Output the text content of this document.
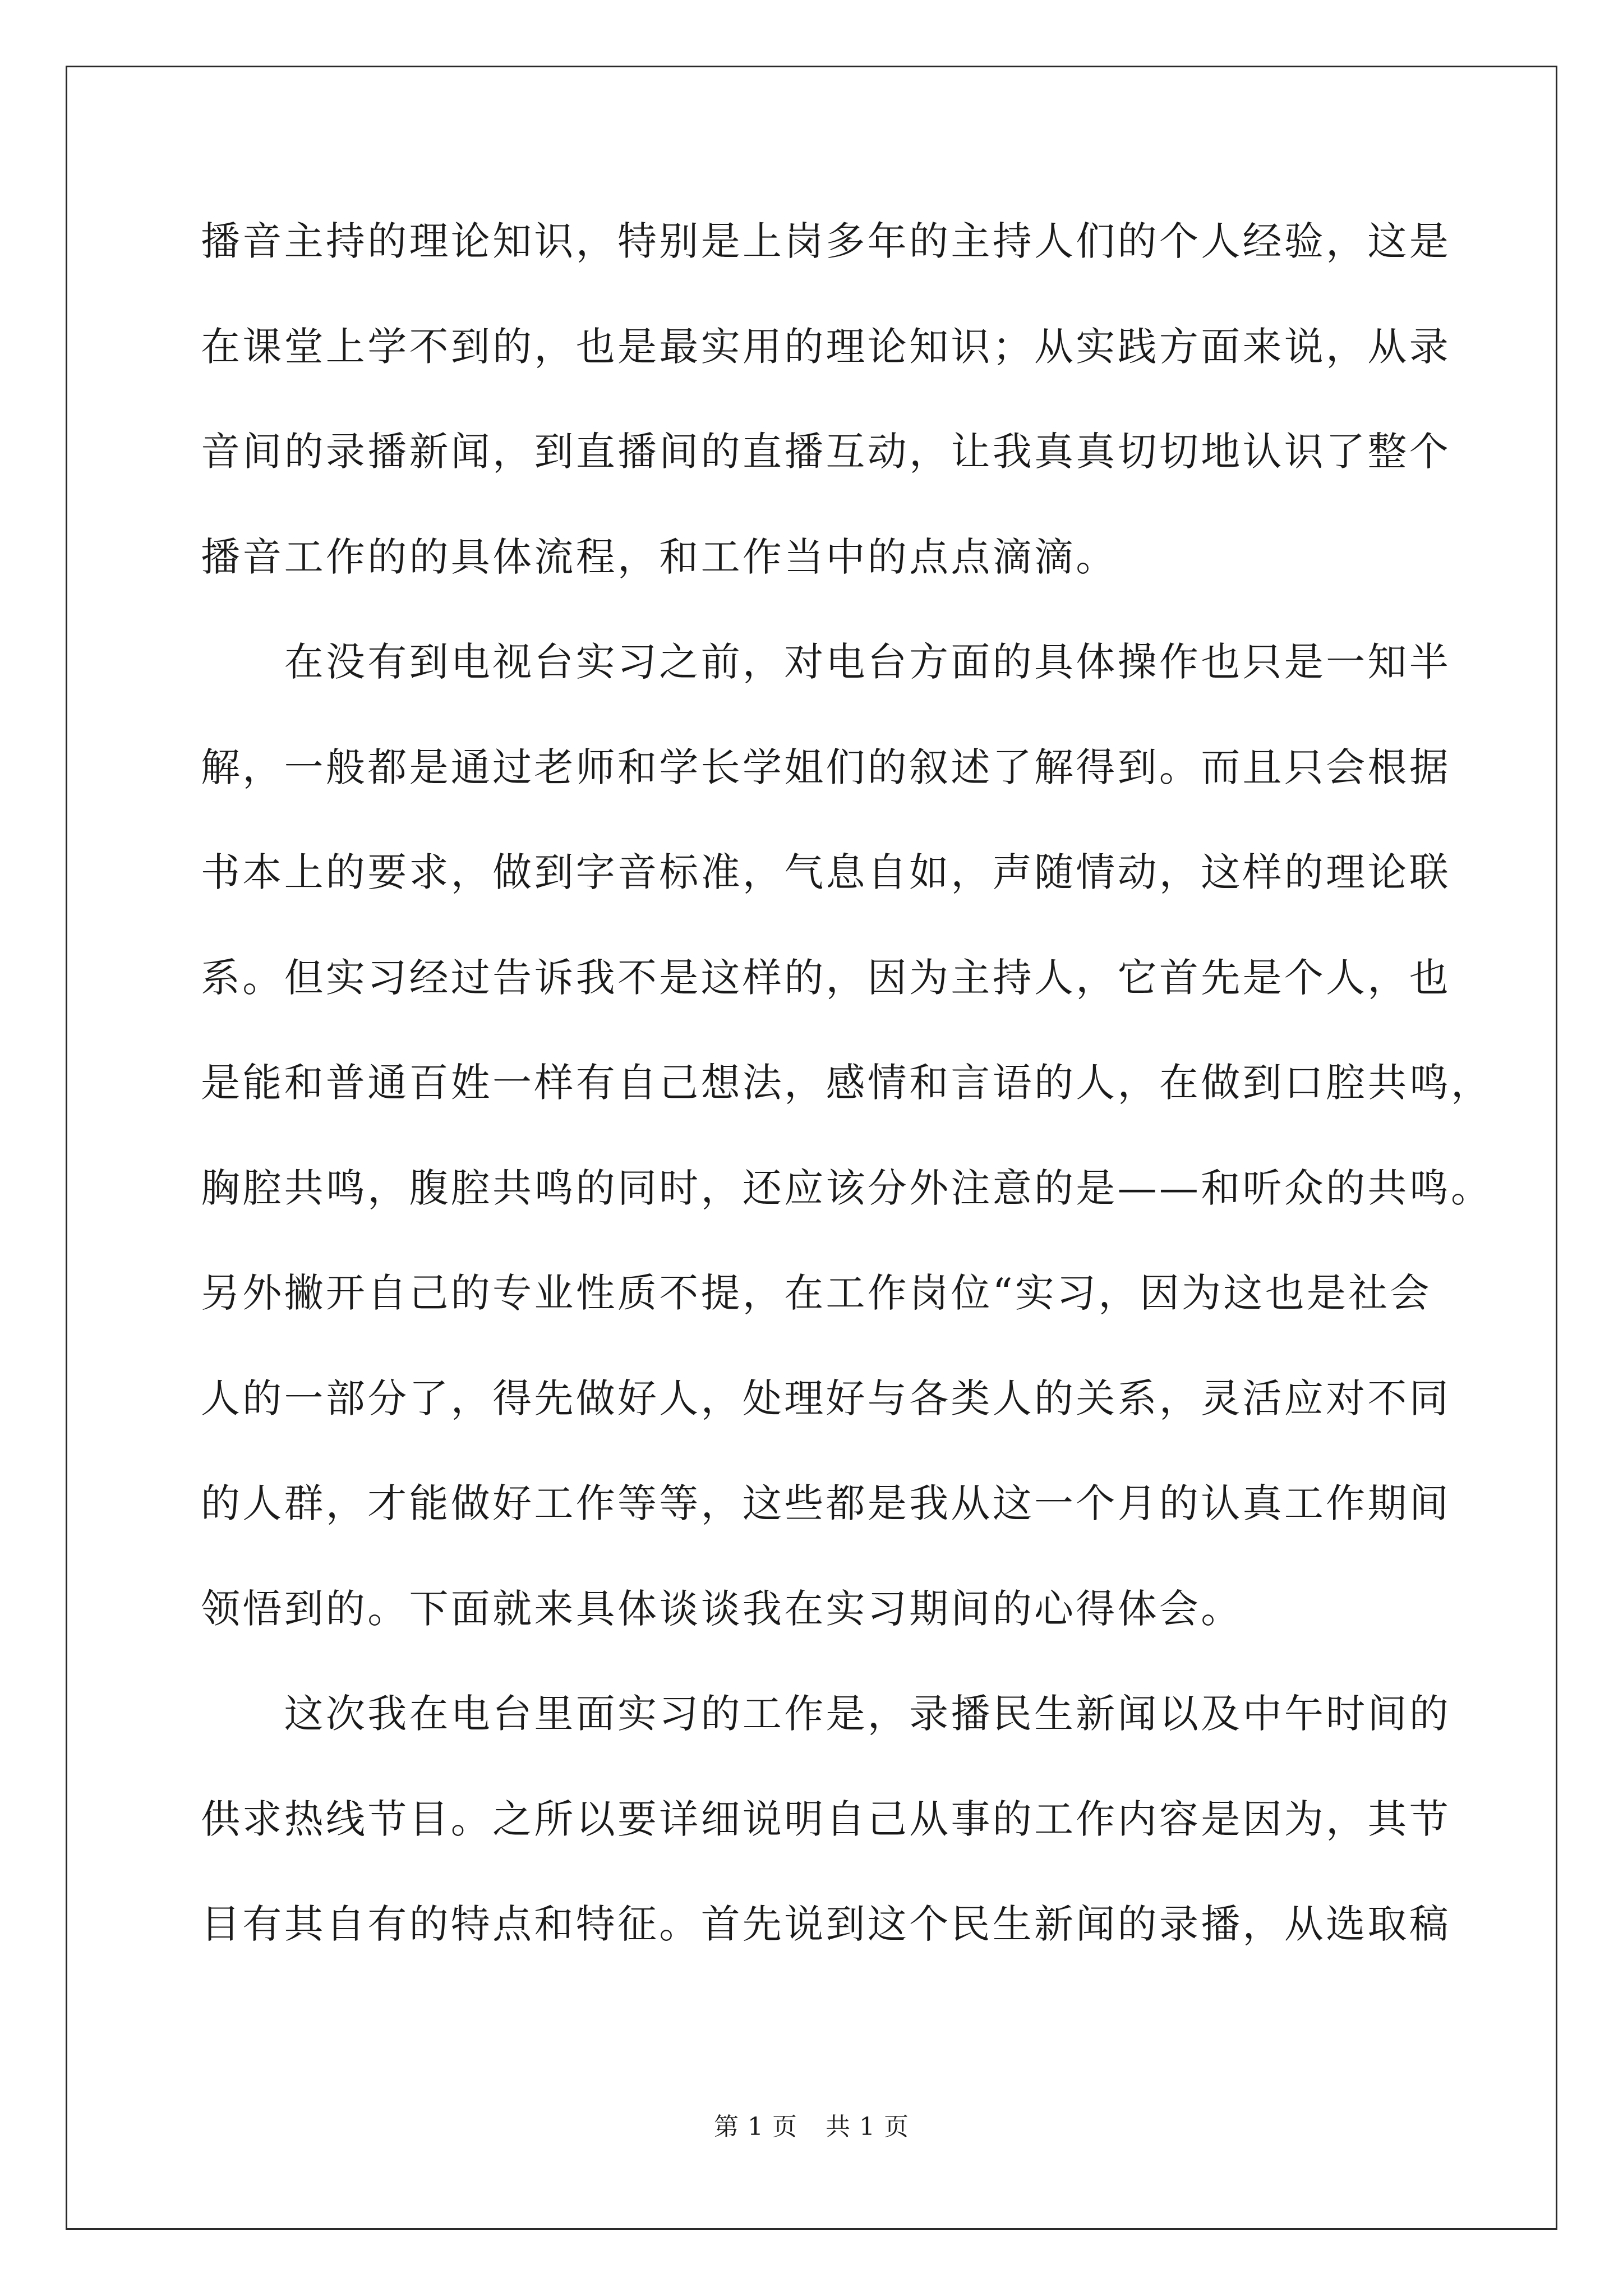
播音主持的理论知识，特别是上岗多年的主持人们的个人经验，这是
在课堂上学不到的，也是最实用的理论知识；从实践方面来说，从录
音间的录播新闻，到直播间的直播互动，让我真真切切地认识了整个
播音工作的的具体流程，和工作当中的点点滴滴。
　　在没有到电视台实习之前，对电台方面的具体操作也只是一知半
解，一般都是通过老师和学长学姐们的叙述了解得到。而且只会根据
书本上的要求，做到字音标准，气息自如，声随情动，这样的理论联
系。但实习经过告诉我不是这样的，因为主持人，它首先是个人，也
是能和普通百姓一样有自己想法，感情和言语的人，在做到口腔共鸣，
胸腔共鸣，腹腔共鸣的同时，还应该分外注意的是——和听众的共鸣。
另外撇开自己的专业性质不提，在工作岗位“实习，因为这也是社会
人的一部分了，得先做好人，处理好与各类人的关系，灵活应对不同
的人群，才能做好工作等等，这些都是我从这一个月的认真工作期间
领悟到的。下面就来具体谈谈我在实习期间的心得体会。
　　这次我在电台里面实习的工作是，录播民生新闻以及中午时间的
供求热线节目。之所以要详细说明自己从事的工作内容是因为，其节
目有其自有的特点和特征。首先说到这个民生新闻的录播，从选取稿
第 1 页 共 1 页
